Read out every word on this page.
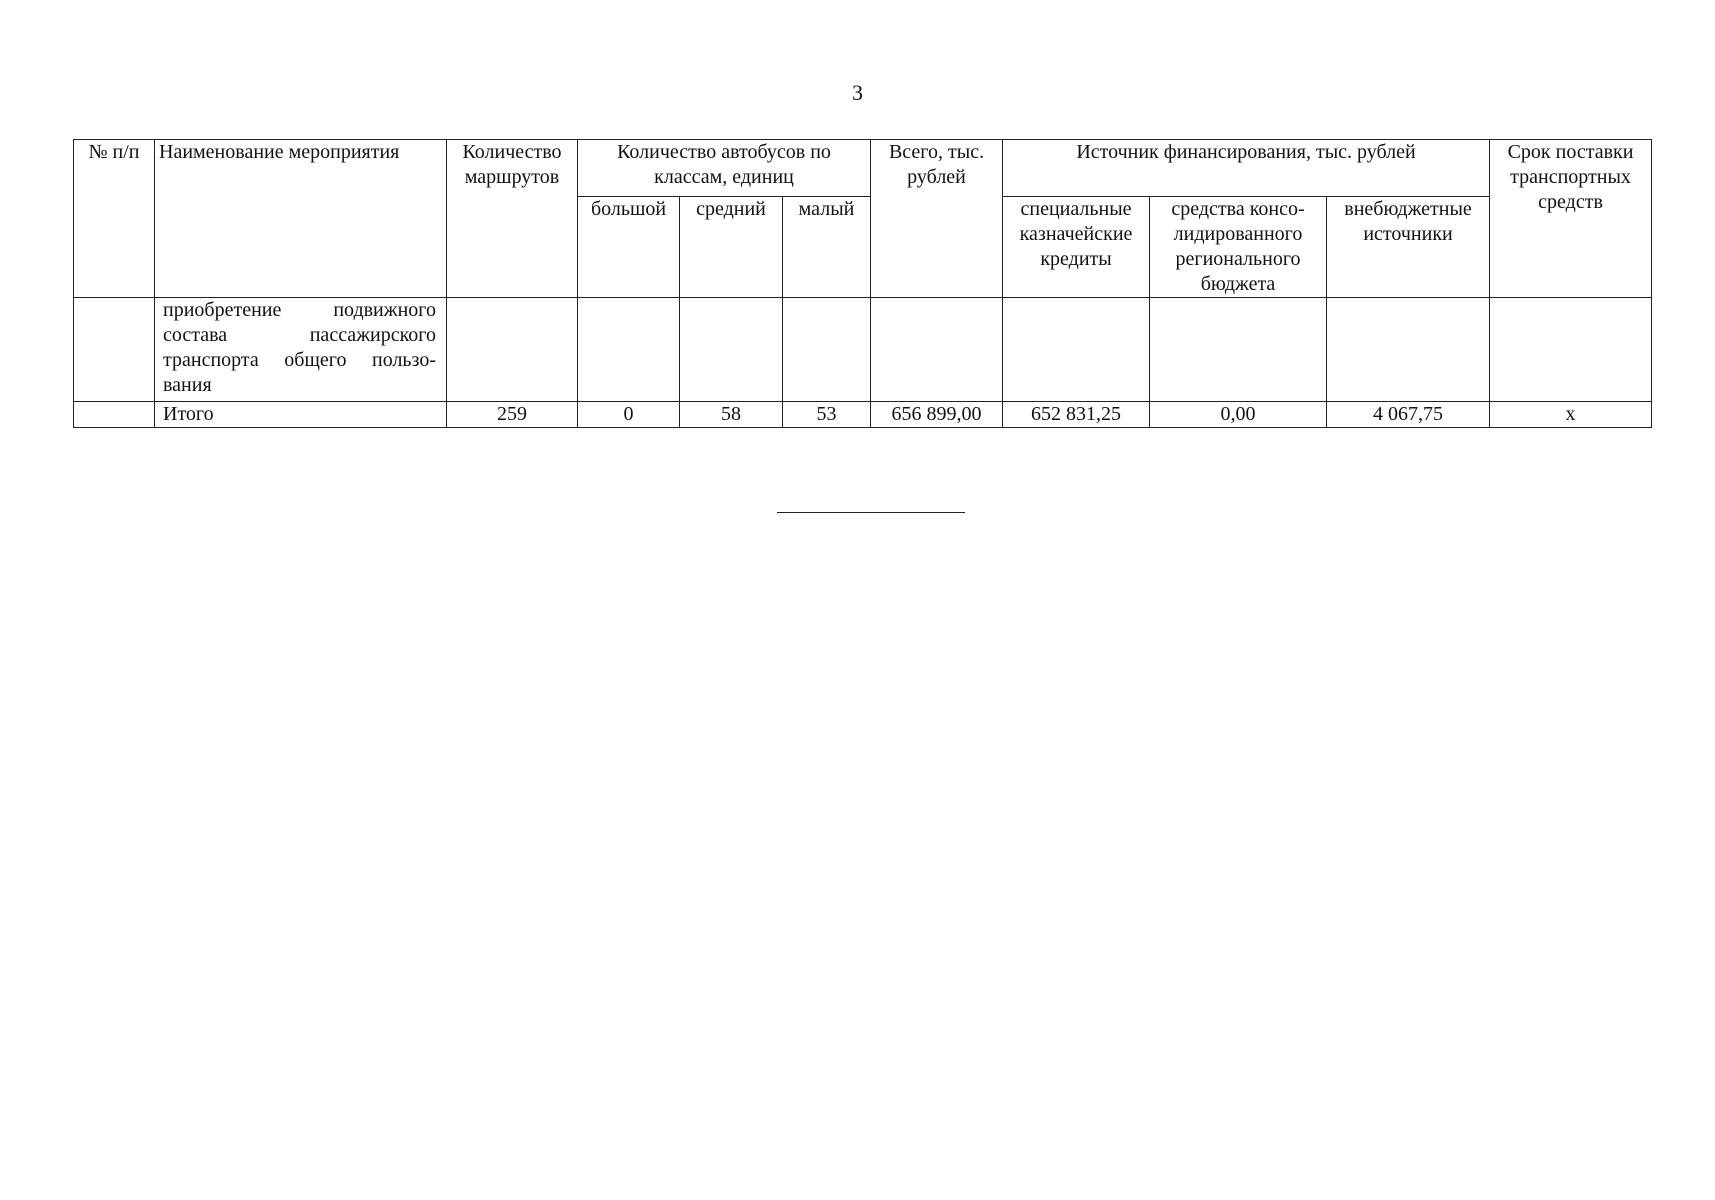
3
№ п/п	Наименование мероприятия	Количество маршрутов	Количество автобусов по классам, единиц			Всего, тыс. рублей	Источник финансирования, тыс. рублей			Срок поставки транспортных средств
			большой	средний	малый		специальные казначейские кредиты	средства консо-лидированного регионального бюджета	внебюджетные источники	
	приобретение подвижного состава пассажирского транспорта общего пользо-вания									
	Итого	259	0	58	53	656 899,00	652 831,25	0,00	4 067,75	х
